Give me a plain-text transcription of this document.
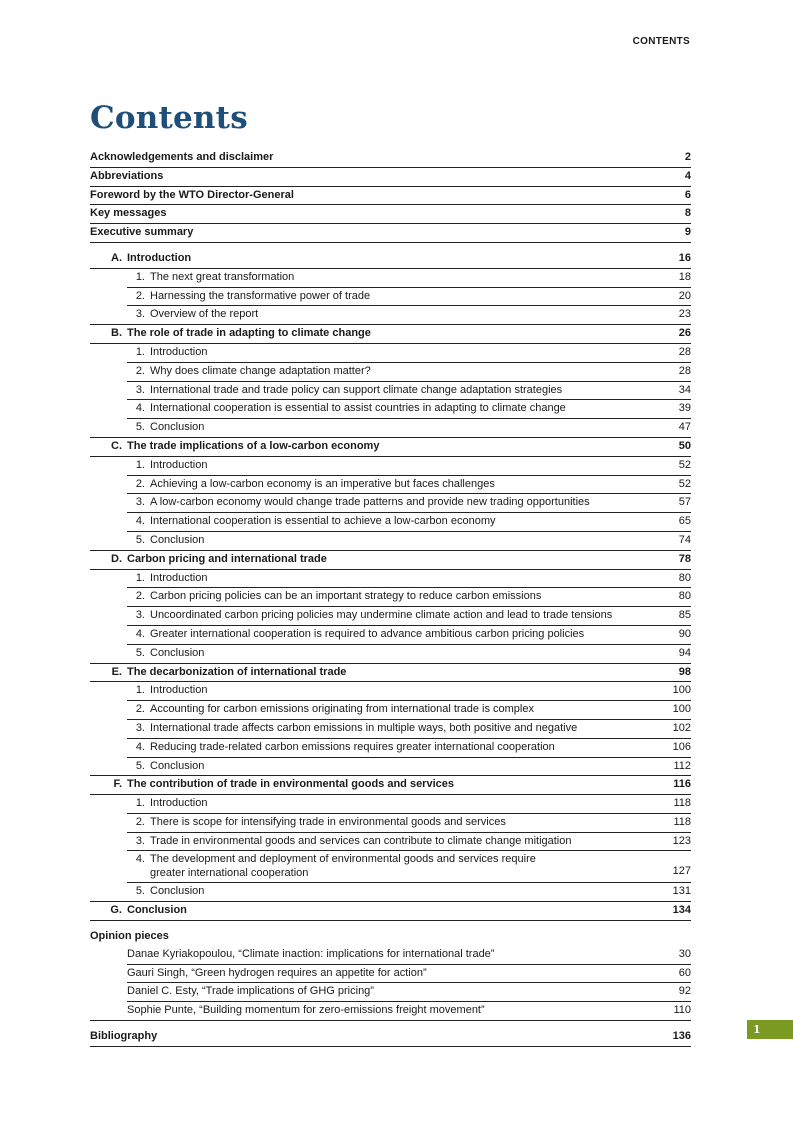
CONTENTS
Contents
Acknowledgements and disclaimer	2
Abbreviations	4
Foreword by the WTO Director-General	6
Key messages	8
Executive summary	9
A. Introduction	16
1. The next great transformation	18
2. Harnessing the transformative power of trade	20
3. Overview of the report	23
B. The role of trade in adapting to climate change	26
1. Introduction	28
2. Why does climate change adaptation matter?	28
3. International trade and trade policy can support climate change adaptation strategies	34
4. International cooperation is essential to assist countries in adapting to climate change	39
5. Conclusion	47
C. The trade implications of a low-carbon economy	50
1. Introduction	52
2. Achieving a low-carbon economy is an imperative but faces challenges	52
3. A low-carbon economy would change trade patterns and provide new trading opportunities	57
4. International cooperation is essential to achieve a low-carbon economy	65
5. Conclusion	74
D. Carbon pricing and international trade	78
1. Introduction	80
2. Carbon pricing policies can be an important strategy to reduce carbon emissions	80
3. Uncoordinated carbon pricing policies may undermine climate action and lead to trade tensions	85
4. Greater international cooperation is required to advance ambitious carbon pricing policies	90
5. Conclusion	94
E. The decarbonization of international trade	98
1. Introduction	100
2. Accounting for carbon emissions originating from international trade is complex	100
3. International trade affects carbon emissions in multiple ways, both positive and negative	102
4. Reducing trade-related carbon emissions requires greater international cooperation	106
5. Conclusion	112
F. The contribution of trade in environmental goods and services	116
1. Introduction	118
2. There is scope for intensifying trade in environmental goods and services	118
3. Trade in environmental goods and services can contribute to climate change mitigation	123
4. The development and deployment of environmental goods and services require
greater international cooperation	127
5. Conclusion	131
G. Conclusion	134
Opinion pieces
Danae Kyriakopoulou, “Climate inaction: implications for international trade”	30
Gauri Singh, “Green hydrogen requires an appetite for action”	60
Daniel C. Esty, “Trade implications of GHG pricing”	92
Sophie Punte, “Building momentum for zero-emissions freight movement”	110
Bibliography	136
1
